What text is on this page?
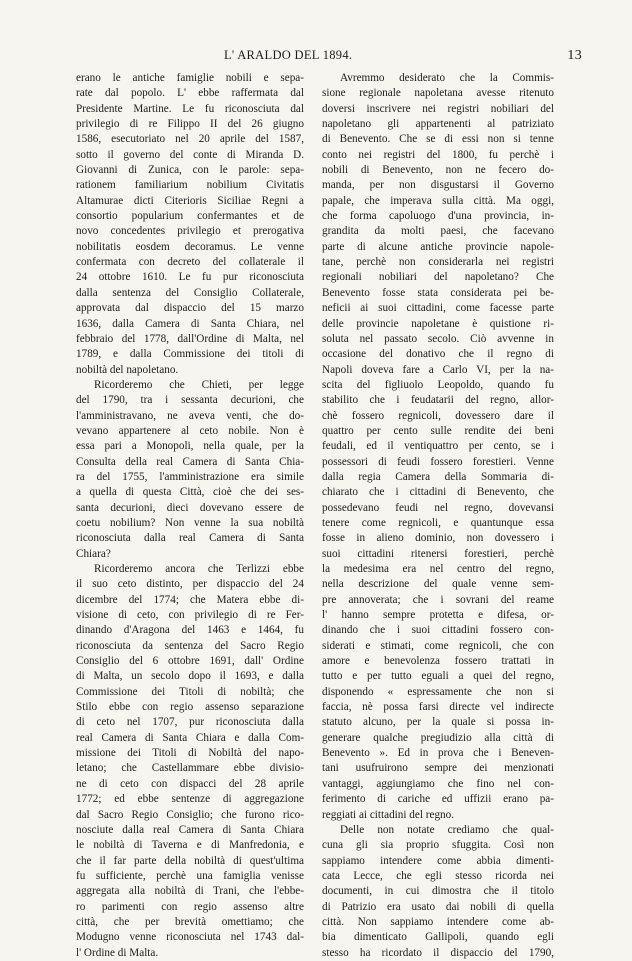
L' ARALDO DEL 1894.	13
erano le antiche famiglie nobili e sepa-
rate dal popolo. L' ebbe raffermata dal
Presidente Martine. Le fu riconosciuta dal
privilegio di re Filippo II del 26 giugno
1586, esecutoriato nel 20 aprile del 1587,
sotto il governo del conte di Miranda D.
Giovanni di Zunica, con le parole: sepa-
rationem familiarium nobilium Civitatis
Altamurae dicti Citerioris Siciliae Regni a
consortio popularium confermantes et de
novo concedentes privilegio et prerogativa
nobilitatis eosdem decoramus. Le venne
confermata con decreto del collaterale il
24 ottobre 1610. Le fu pur riconosciuta
dalla sentenza del Consiglio Collaterale,
approvata dal dispaccio del 15 marzo
1636, dalla Camera di Santa Chiara, nel
febbraio del 1778, dall'Ordine di Malta, nel
1789, e dalla Commissione dei titoli di
nobiltà del napoletano.
Ricorderemo che Chieti, per legge
del 1790, tra i sessanta decurioni, che
l'amministravano, ne aveva venti, che do-
vevano appartenere al ceto nobile. Non è
essa pari a Monopoli, nella quale, per la
Consulta della real Camera di Santa Chia-
ra del 1755, l'amministrazione era simile
a quella di questa Città, cioè che dei ses-
santa decurioni, dieci dovevano essere de
coetu nobilium? Non venne la sua nobiltà
riconosciuta dalla real Camera di Santa
Chiara?
Ricorderemo ancora che Terlizzi ebbe
il suo ceto distinto, per dispaccio del 24
dicembre del 1774; che Matera ebbe di-
visione di ceto, con privilegio di re Fer-
dinando d'Aragona del 1463 e 1464, fu
riconosciuta da sentenza del Sacro Regio
Consiglio del 6 ottobre 1691, dall' Ordine
di Malta, un secolo dopo il 1693, e dalla
Commissione dei Titoli di nobiltà; che
Stilo ebbe con regio assenso separazione
di ceto nel 1707, pur riconosciuta dalla
real Camera di Santa Chiara e dalla Com-
missione dei Titoli di Nobiltà del napo-
letano; che Castellammare ebbe divisio-
ne di ceto con dispacci del 28 aprile
1772; ed ebbe sentenze di aggregazione
dal Sacro Regio Consiglio; che furono rico-
nosciute dalla real Camera di Santa Chiara
le nobiltà di Taverna e di Manfredonia, e
che il far parte della nobiltà di quest'ultima
fu sufficiente, perchè una famiglia venisse
aggregata alla nobiltà di Trani, che l'ebbe-
ro parimenti con regio assenso altre
città, che per brevità omettiamo; che
Modugno venne riconosciuta nel 1743 dal-
l' Ordine di Malta.
Avremmo desiderato che la Commis-
sione regionale napoletana avesse ritenuto
doversi inscrivere nei registri nobiliari del
napoletano gli appartenenti al patriziato
di Benevento. Che se di essi non si tenne
conto nei registri del 1800, fu perchè i
nobili di Benevento, non ne fecero do-
manda, per non disgustarsi il Governo
papale, che imperava sulla città. Ma oggi,
che forma capoluogo d'una provincia, in-
grandita da molti paesi, che facevano
parte di alcune antiche provincie napole-
tane, perchè non considerarla nei registri
regionali nobiliari del napoletano? Che
Benevento fosse stata considerata pei be-
neficii ai suoi cittadini, come facesse parte
delle provincie napoletane è quistione ri-
soluta nel passato secolo. Ciò avvenne in
occasione del donativo che il regno di
Napoli doveva fare a Carlo VI, per la na-
scita del figliuolo Leopoldo, quando fu
stabilito che i feudatarii del regno, allor-
chè fossero regnicoli, dovessero dare il
quattro per cento sulle rendite dei beni
feudali, ed il ventiquattro per cento, se i
possessori di feudi fossero forestieri. Venne
dalla regia Camera della Sommaria di-
chiarato che i cittadini di Benevento, che
possedevano feudi nel regno, dovevansi
tenere come regnicoli, e quantunque essa
fosse in alieno dominio, non dovessero i
suoi cittadini ritenersi forestieri, perchè
la medesima era nel centro del regno,
nella descrizione del quale venne sem-
pre annoverata; che i sovrani del reame
l' hanno sempre protetta e difesa, or-
dinando che i suoi cittadini fossero con-
siderati e stimati, come regnicoli, che con
amore e benevolenza fossero trattati in
tutto e per tutto eguali a quei del regno,
disponendo « espressamente che non si
faccia, nè possa farsi directe vel indirecte
statuto alcuno, per la quale si possa in-
generare qualche pregiudizio alla città di
Benevento ». Ed in prova che i Beneven-
tani usufruirono sempre dei menzionati
vantaggi, aggiungiamo che fino nel con-
ferimento di cariche ed uffizii erano pa-
reggiati ai cittadini del regno.
Delle non notate crediamo che qual-
cuna gli sia proprio sfuggita. Così non
sappiamo intendere come abbia dimenti-
cata Lecce, che egli stesso ricorda nei
documenti, in cui dimostra che il titolo
di Patrizio era usato dai nobili di quella
città. Non sappiamo intendere come ab-
bia dimenticato Gallipoli, quando egli
stesso ha ricordato il dispaccio del 1790,
